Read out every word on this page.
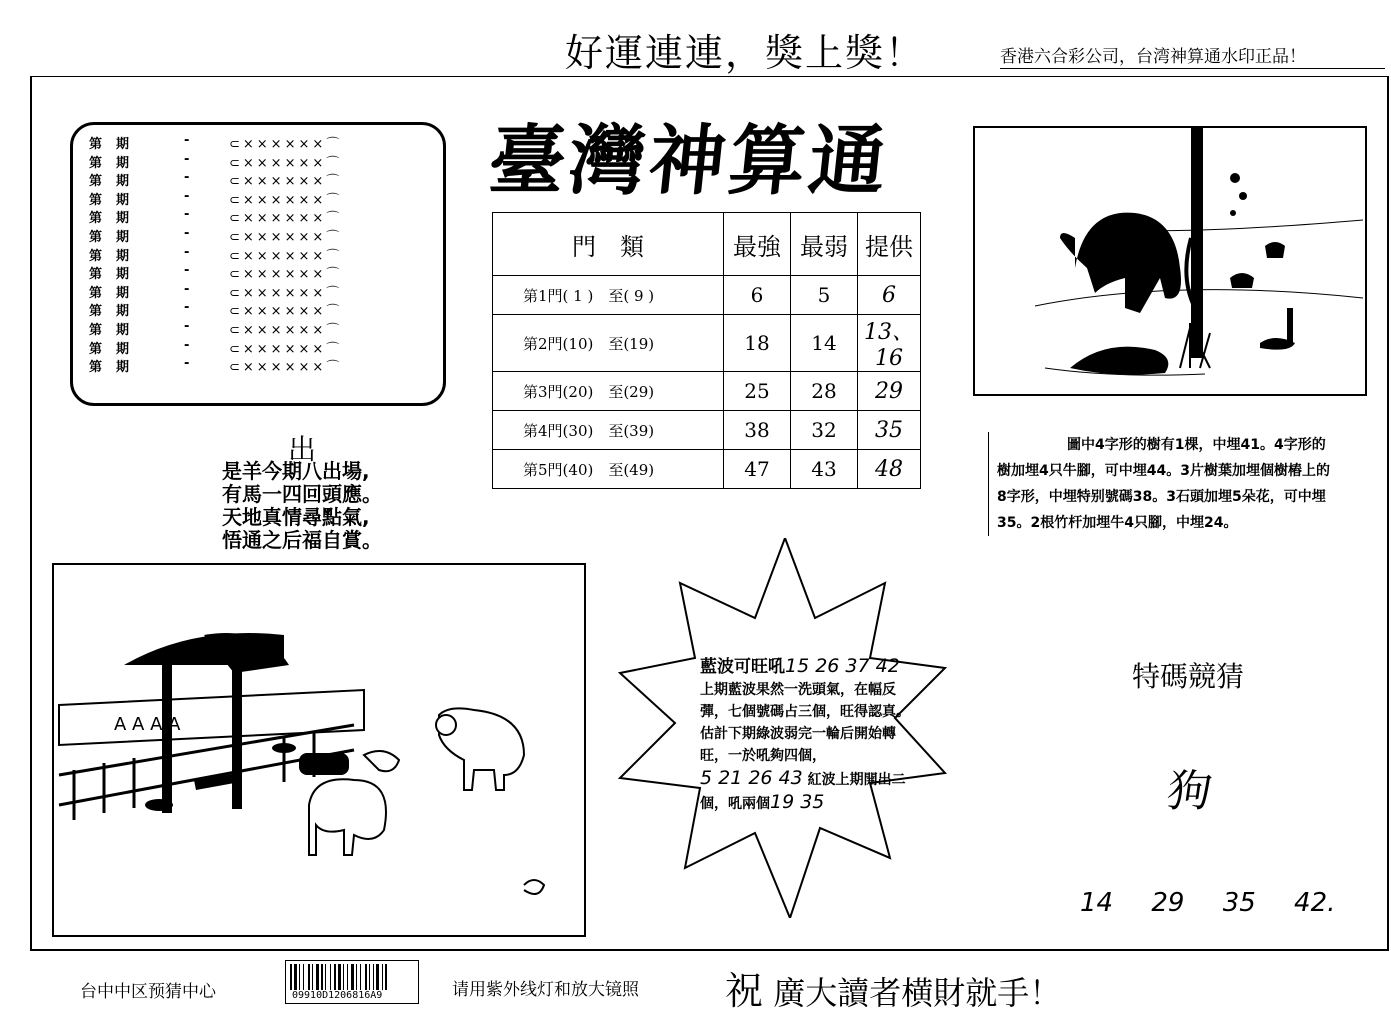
好運連連，獎上獎！	香港六合彩公司，台湾神算通水印正品！
臺灣神算通
第 期	-	⊂××××××⌒
第 期	-	⊂××××××⌒
第 期	-	⊂××××××⌒
第 期	-	⊂××××××⌒
第 期	-	⊂××××××⌒
第 期	-	⊂××××××⌒
第 期	-	⊂××××××⌒
第 期	-	⊂××××××⌒
第 期	-	⊂××××××⌒
第 期	-	⊂××××××⌒
第 期	-	⊂××××××⌒
第 期	-	⊂××××××⌒
第 期	-	⊂××××××⌒
門　類	最強	最弱	提供
第1門( 1 )　至( 9 )	6	5	6
第2門(10)　至(19)	18	14	13、16
第3門(20)　至(29)	25	28	29
第4門(30)　至(39)	38	32	35
第5門(40)　至(49)	47	43	48
出
是羊今期八出場,
有馬一四回頭應。
天地真情尋點氣,
悟通之后福自賞。
圖中4字形的樹有1棵，中埋41。4字形的樹加埋4只牛腳，可中埋44。3片樹葉加埋個樹樁上的 8字形，中埋特别號碼38。3石頭加埋5朵花，可中埋35。2根竹杆加埋牛4只腳，中埋24。
A A A A
藍波可旺吼15 26 37 42
上期藍波果然一洗頭氣，在幅反彈，七個號碼占三個，旺得認真。估計下期綠波弱完一輪后開始轉旺，一於吼夠四個，
5 21 26 43 紅波上期開出二個，吼兩個19 35
特碼競猜
狗
14 29 35 42.
台中中区预猜中心	09910D1206816A9	请用紫外线灯和放大镜照 祝 廣大讀者横財就手！
